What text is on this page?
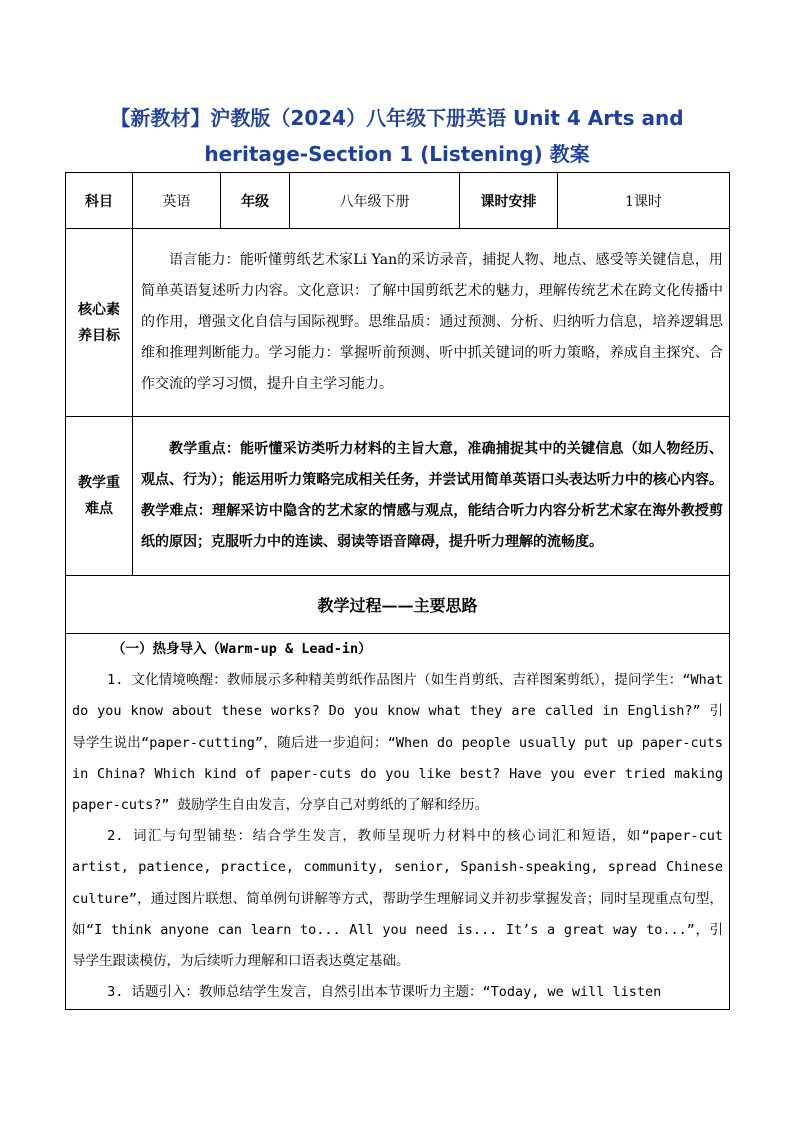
【新教材】沪教版（2024）八年级下册英语 Unit 4 Arts and
heritage-Section 1 (Listening) 教案
科目	英语	年级	八年级下册	课时安排	1课时

核心素
养目标	语言能力：能听懂剪纸艺术家Li Yan的采访录音，捕捉人物、地点、感受等关键信息，用简单英语复述听力内容。文化意识：了解中国剪纸艺术的魅力，理解传统艺术在跨文化传播中的作用，增强文化自信与国际视野。思维品质：通过预测、分析、归纳听力信息，培养逻辑思维和推理判断能力。学习能力：掌握听前预测、听中抓关键词的听力策略，养成自主探究、合作交流的学习习惯，提升自主学习能力。				

教学重
难点	教学重点：能听懂采访类听力材料的主旨大意，准确捕捉其中的关键信息（如人物经历、观点、行为）；能运用听力策略完成相关任务，并尝试用简单英语口头表达听力中的核心内容。教学难点：理解采访中隐含的艺术家的情感与观点，能结合听力内容分析艺术家在海外教授剪纸的原因；克服听力中的连读、弱读等语音障碍，提升听力理解的流畅度。				

教学过程——主要思路					

（一）热身导入（Warm-up & Lead-in）

1. 文化情境唤醒：教师展示多种精美剪纸作品图片（如生肖剪纸、吉祥图案剪纸），提问学生：“What do you know about these works? Do you know what they are called in English?” 引导学生说出“paper-cutting”，随后进一步追问：“When do people usually put up paper-cuts in China? Which kind of paper-cuts do you like best? Have you ever tried making paper-cuts?” 鼓励学生自由发言，分享自己对剪纸的了解和经历。

2. 词汇与句型铺垫：结合学生发言，教师呈现听力材料中的核心词汇和短语，如“paper-cut artist, patience, practice, community, senior, Spanish-speaking, spread Chinese culture”，通过图片联想、简单例句讲解等方式，帮助学生理解词义并初步掌握发音；同时呈现重点句型，如“I think anyone can learn to... All you need is... It’s a great way to...”，引导学生跟读模仿，为后续听力理解和口语表达奠定基础。

3. 话题引入：教师总结学生发言，自然引出本节课听力主题：“Today, we will listen					
